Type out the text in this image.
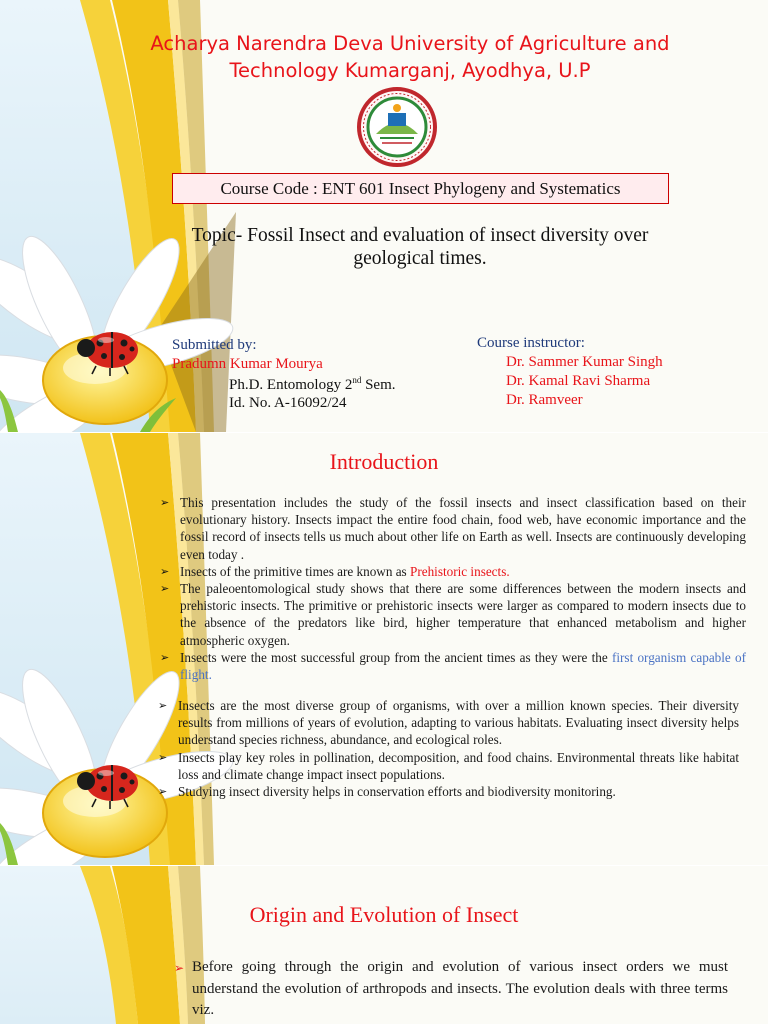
Acharya Narendra Deva University of Agriculture and
Technology Kumarganj, Ayodhya, U.P
Course Code : ENT 601 Insect Phylogeny and Systematics
Topic- Fossil Insect and evaluation of insect diversity over
geological times.
Submitted by:
Pradumn Kumar Mourya
Ph.D. Entomology 2nd Sem.
Id. No. A-16092/24
Course instructor:
Dr. Sammer Kumar Singh
Dr. Kamal Ravi Sharma
Dr. Ramveer
Introduction
➢ This presentation includes the study of the fossil insects and insect classification based on their evolutionary history. Insects impact the entire food chain, food web, have economic importance and the fossil record of insects tells us much about other life on Earth as well. Insects are continuously developing even today .
➢ Insects of the primitive times are known as Prehistoric insects.
➢ The paleoentomological study shows that there are some differences between the modern insects and prehistoric insects. The primitive or prehistoric insects were larger as compared to modern insects due to the absence of the predators like bird, higher temperature that enhanced metabolism and higher atmospheric oxygen.
➢ Insects were the most successful group from the ancient times as they were the first organism capable of flight.
➢ Insects are the most diverse group of organisms, with over a million known species. Their diversity results from millions of years of evolution, adapting to various habitats. Evaluating insect diversity helps understand species richness, abundance, and ecological roles.
➢ Insects play key roles in pollination, decomposition, and food chains. Environmental threats like habitat loss and climate change impact insect populations.
➢ Studying insect diversity helps in conservation efforts and biodiversity monitoring.
Origin and Evolution of Insect
➢ Before going through the origin and evolution of various insect orders we must understand the evolution of arthropods and insects. The evolution deals with three terms viz.
